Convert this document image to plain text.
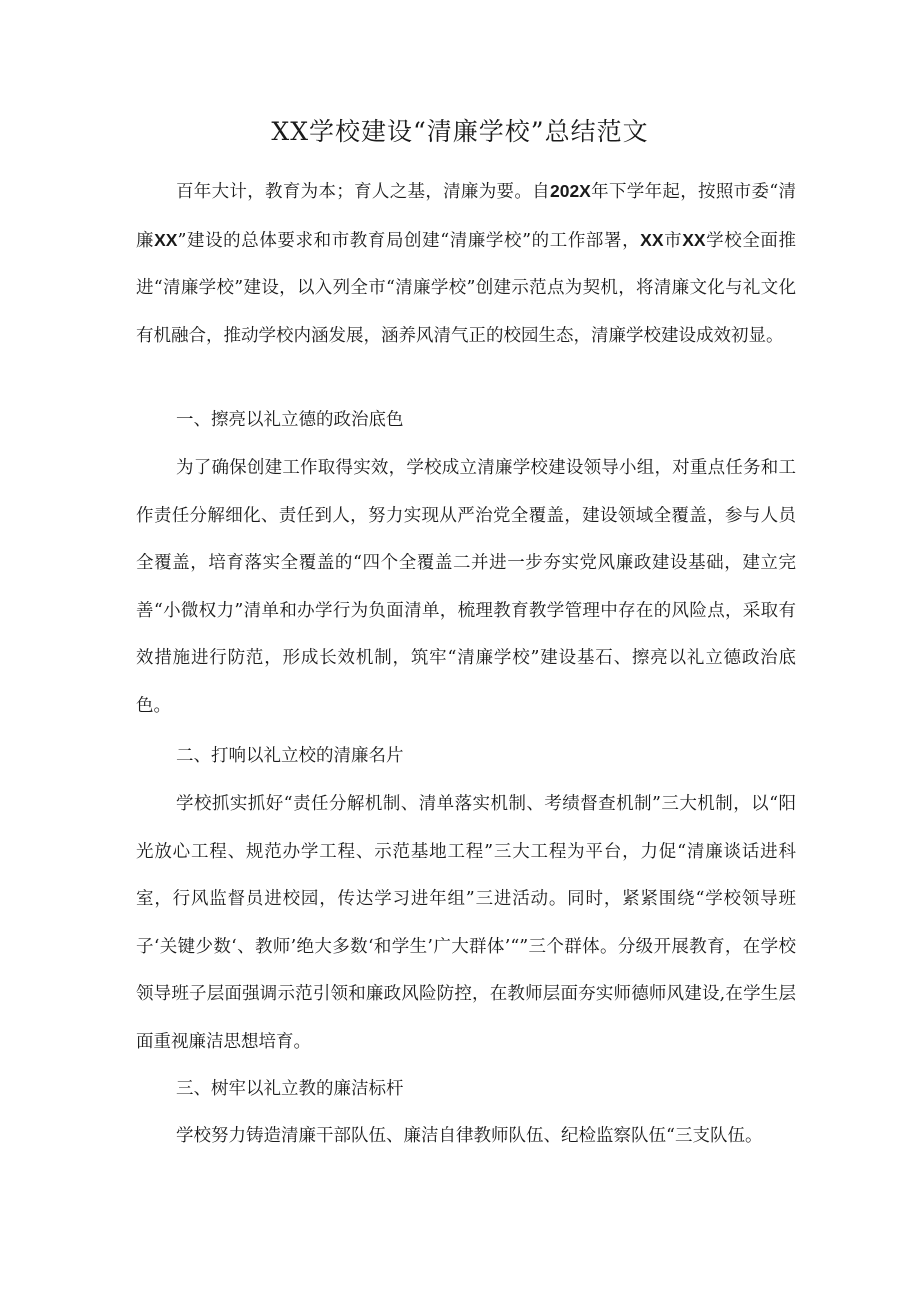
XX学校建设“清廉学校”总结范文

百年大计，教育为本；育人之基，清廉为要。自202X年下学年起，按照市委“清廉XX”建设的总体要求和市教育局创建“清廉学校”的工作部署，XX市XX学校全面推进“清廉学校”建设，以入列全市“清廉学校”创建示范点为契机，将清廉文化与礼文化有机融合，推动学校内涵发展，涵养风清气正的校园生态，清廉学校建设成效初显。

一、擦亮以礼立德的政治底色

为了确保创建工作取得实效，学校成立清廉学校建设领导小组，对重点任务和工作责任分解细化、责任到人，努力实现从严治党全覆盖，建设领域全覆盖，参与人员全覆盖，培育落实全覆盖的“四个全覆盖二并进一步夯实党风廉政建设基础，建立完善“小微权力”清单和办学行为负面清单，梳理教育教学管理中存在的风险点，采取有效措施进行防范，形成长效机制，筑牢“清廉学校”建设基石、擦亮以礼立德政治底色。

二、打响以礼立校的清廉名片

学校抓实抓好“责任分解机制、清单落实机制、考绩督查机制”三大机制，以“阳光放心工程、规范办学工程、示范基地工程”三大工程为平台，力促“清廉谈话进科室，行风监督员进校园，传达学习进年组”三进活动。同时，紧紧围绕“学校领导班子‘关键少数‘、教师’绝大多数‘和学生’广大群体’“”三个群体。分级开展教育，在学校领导班子层面强调示范引领和廉政风险防控，在教师层面夯实师德师风建设,在学生层面重视廉洁思想培育。

三、树牢以礼立教的廉洁标杆

学校努力铸造清廉干部队伍、廉洁自律教师队伍、纪检监察队伍“三支队伍。
